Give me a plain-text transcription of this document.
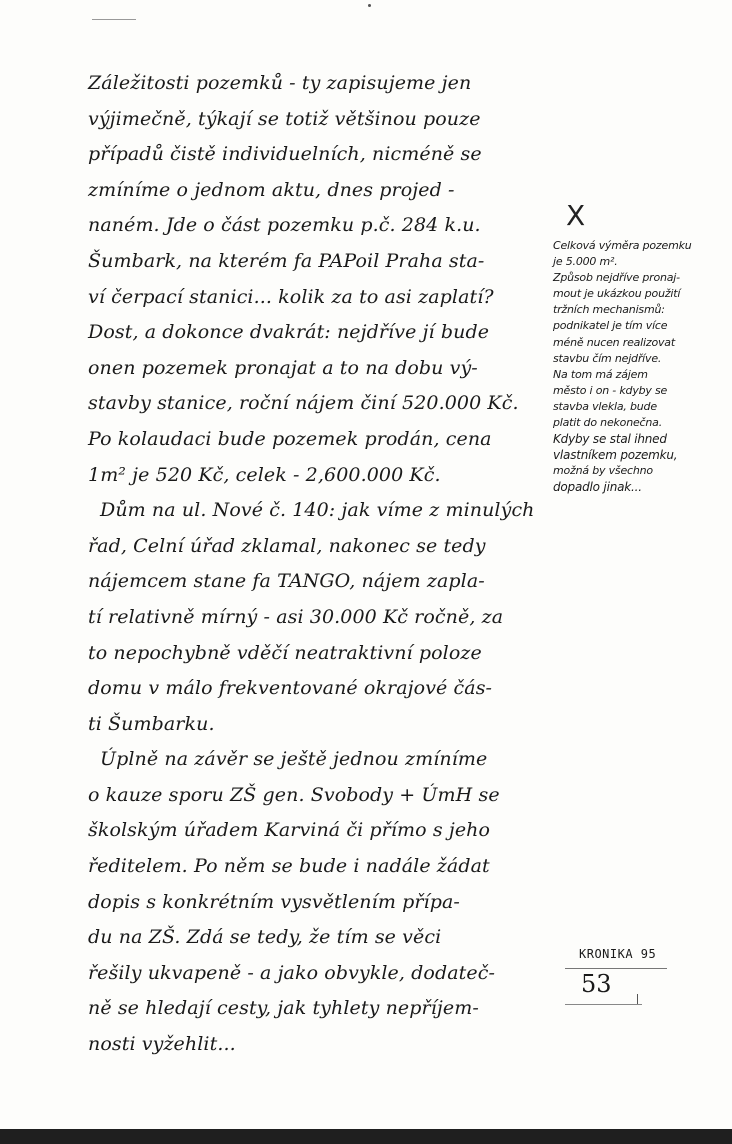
Záležitosti pozemků - ty zapisujeme jen
výjimečně, týkají se totiž většinou pouze
případů čistě individuelních, nicméně se
zmíníme o jednom aktu, dnes projed -
naném. Jde o část pozemku p.č. 284 k.u.
Šumbark, na kterém fa PAPoil Praha sta-
ví čerpací stanici... kolik za to asi zaplatí?
Dost, a dokonce dvakrát: nejdříve jí bude
onen pozemek pronajat a to na dobu vý-
stavby stanice, roční nájem činí 520.000 Kč.
Po kolaudaci bude pozemek prodán, cena
1m² je 520 Kč, celek - 2,600.000 Kč.
Dům na ul. Nové č. 140: jak víme z minulých
řad, Celní úřad zklamal, nakonec se tedy
nájemcem stane fa TANGO, nájem zapla-
tí relativně mírný - asi 30.000 Kč ročně, za
to nepochybně vděčí neatraktivní poloze
domu v málo frekventované okrajové čás-
ti Šumbarku.
Úplně na závěr se ještě jednou zmíníme
o kauze sporu ZŠ gen. Svobody + ÚmH se
školským úřadem Karviná či přímo s jeho
ředitelem. Po něm se bude i nadále žádat
dopis s konkrétním vysvětlením přípa-
du na ZŠ. Zdá se tedy, že tím se věci
řešily ukvapeně - a jako obvykle, dodateč-
ně se hledají cesty, jak tyhlety nepříjem-
nosti vyžehlit...
X
Celková výměra pozemku
je 5.000 m².
Způsob nejdříve pronaj-
mout je ukázkou použití
tržních mechanismů:
podnikatel je tím více
méně nucen realizovat
stavbu čím nejdříve.
Na tom má zájem
město i on - kdyby se
stavba vlekla, bude
platit do nekonečna.
Kdyby se stal ihned
vlastníkem pozemku,
možná by všechno
dopadlo jinak...
KRONIKA 95
53
